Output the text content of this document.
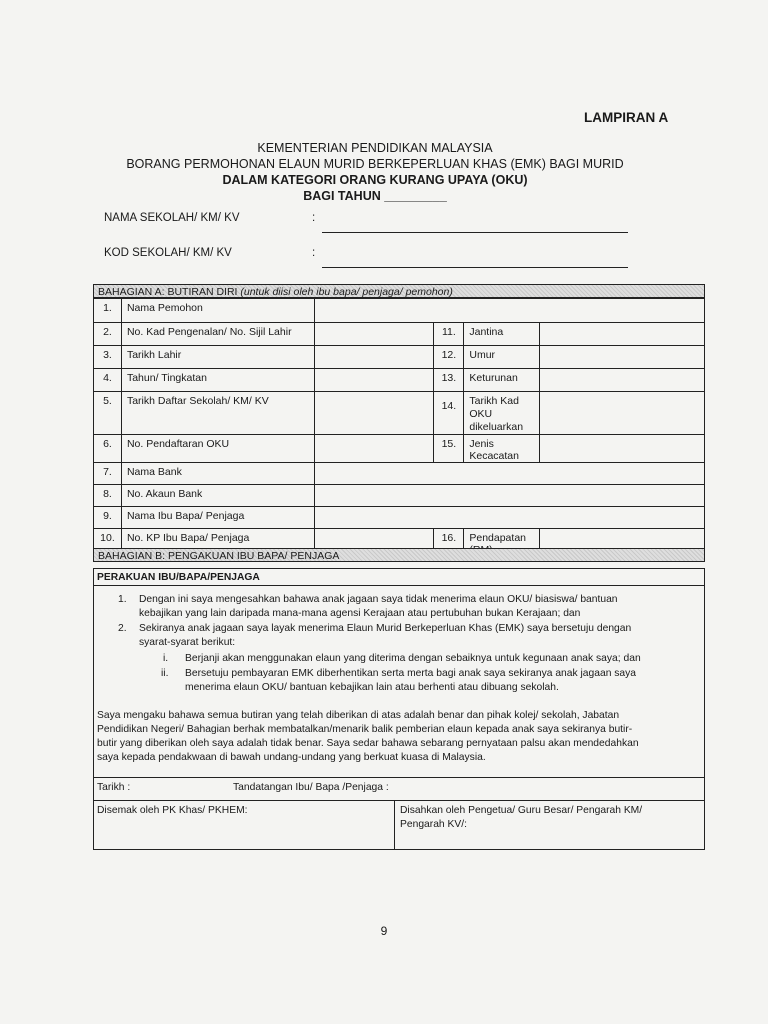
LAMPIRAN A
KEMENTERIAN PENDIDIKAN MALAYSIA
BORANG PERMOHONAN ELAUN MURID BERKEPERLUAN KHAS (EMK) BAGI MURID
DALAM KATEGORI ORANG KURANG UPAYA (OKU)
BAGI TAHUN _________
NAMA SEKOLAH/ KM/ KV	:
KOD SEKOLAH/ KM/ KV	:
BAHAGIAN A: BUTIRAN DIRI (untuk diisi oleh ibu bapa/ penjaga/ pemohon)
1.	Nama Pemohon				
2.	No. Kad Pengenalan/ No. Sijil Lahir		11.	Jantina	
3.	Tarikh Lahir		12.	Umur	
4.	Tahun/ Tingkatan		13.	Keturunan	
5.	Tarikh Daftar Sekolah/ KM/ KV		14.	Tarikh Kad OKU dikeluarkan	
6.	No. Pendaftaran OKU		15.	Jenis Kecacatan	
7.	Nama Bank				
8.	No. Akaun Bank				
9.	Nama Ibu Bapa/ Penjaga				
10.	No. KP Ibu Bapa/ Penjaga		16.	Pendapatan	
BAHAGIAN B: PENGAKUAN IBU BAPA/ PENJAGA
PERAKUAN IBU/BAPA/PENJAGA
1. Dengan ini saya mengesahkan bahawa anak jagaan saya tidak menerima elaun OKU/ biasiswa/ bantuan
kebajikan yang lain daripada mana-mana agensi Kerajaan atau pertubuhan bukan Kerajaan; dan
2. Sekiranya anak jagaan saya layak menerima Elaun Murid Berkeperluan Khas (EMK) saya bersetuju dengan
syarat-syarat berikut:
i. Berjanji akan menggunakan elaun yang diterima dengan sebaiknya untuk kegunaan anak saya; dan
ii. Bersetuju pembayaran EMK diberhentikan serta merta bagi anak saya sekiranya anak jagaan saya
menerima elaun OKU/ bantuan kebajikan lain atau berhenti atau dibuang sekolah.
Saya mengaku bahawa semua butiran yang telah diberikan di atas adalah benar dan pihak kolej/ sekolah, Jabatan
Pendidikan Negeri/ Bahagian berhak membatalkan/menarik balik pemberian elaun kepada anak saya sekiranya butir-
butir yang diberikan oleh saya adalah tidak benar. Saya sedar bahawa sebarang pernyataan palsu akan mendedahkan
saya kepada pendakwaan di bawah undang-undang yang berkuat kuasa di Malaysia.
Tarikh :	Tandatangan Ibu/ Bapa /Penjaga :
Disemak oleh PK Khas/ PKHEM:	Disahkan oleh Pengetua/ Guru Besar/ Pengarah KM/
Pengarah KV/:
9
